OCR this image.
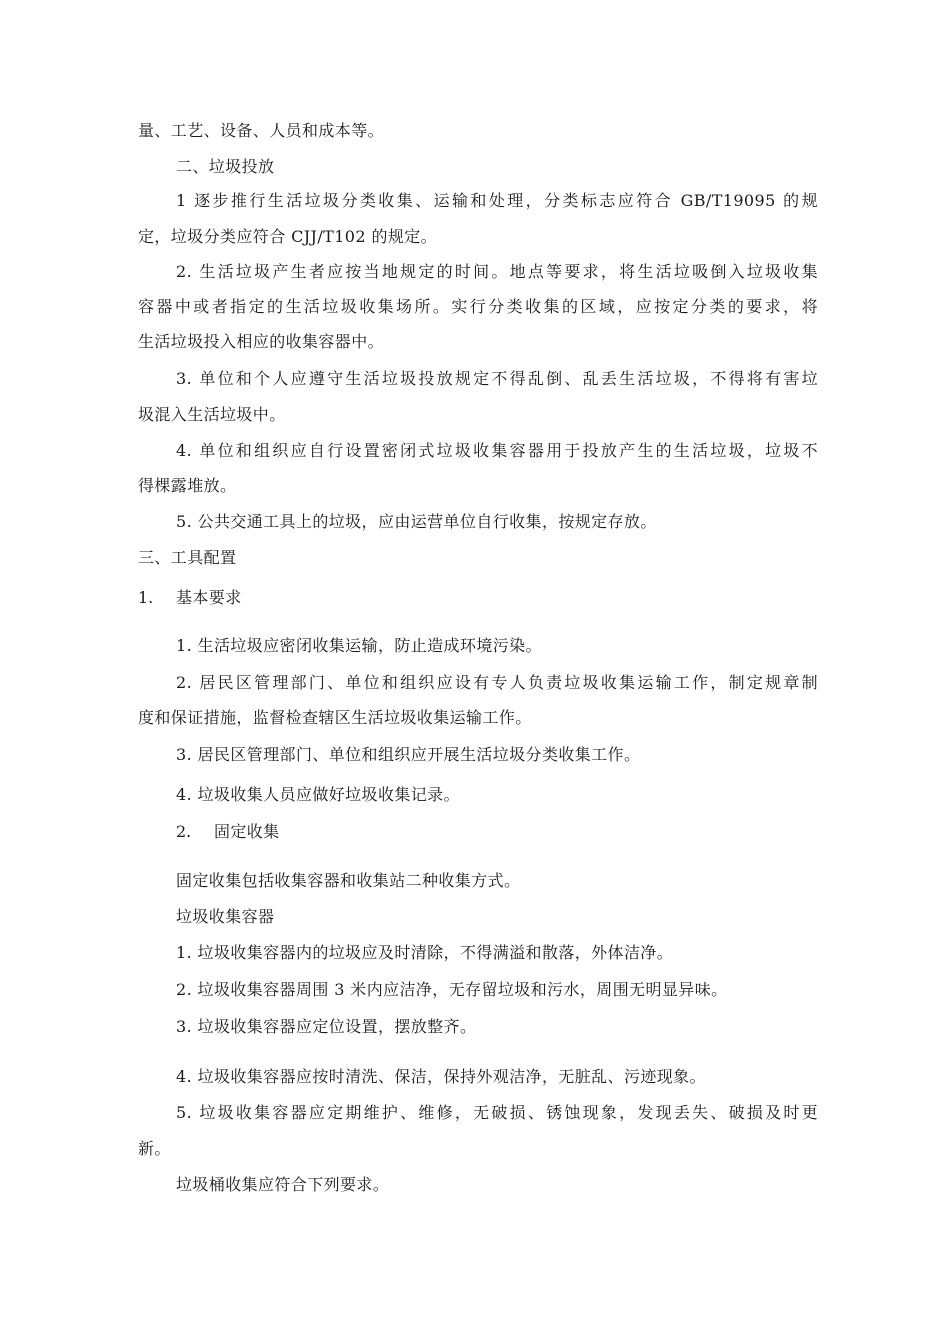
量、工艺、设备、人员和成本等。
二、垃圾投放
1 逐步推行生活垃圾分类收集、运输和处理，分类标志应符合 GB/T19095 的规
定，垃圾分类应符合 CJJ/T102 的规定。
2. 生活垃圾产生者应按当地规定的时间。地点等要求，将生活垃吸倒入垃圾收集
容器中或者指定的生活垃圾收集场所。实行分类收集的区域，应按定分类的要求，将
生活垃圾投入相应的收集容器中。
3. 单位和个人应遵守生活垃圾投放规定不得乱倒、乱丢生活垃圾，不得将有害垃
圾混入生活垃圾中。
4. 单位和组织应自行设置密闭式垃圾收集容器用于投放产生的生活垃圾，垃圾不
得棵露堆放。
5. 公共交通工具上的垃圾，应由运营单位自行收集，按规定存放。
三、工具配置
1. 基本要求
1. 生活垃圾应密闭收集运输，防止造成环境污染。
2. 居民区管理部门、单位和组织应设有专人负责垃圾收集运输工作，制定规章制
度和保证措施，监督检查辖区生活垃圾收集运输工作。
3. 居民区管理部门、单位和组织应开展生活垃圾分类收集工作。
4. 垃圾收集人员应做好垃圾收集记录。
2. 固定收集
固定收集包括收集容器和收集站二种收集方式。
垃圾收集容器
1. 垃圾收集容器内的垃圾应及时清除，不得满溢和散落，外体洁净。
2. 垃圾收集容器周围 3 米内应洁净，无存留垃圾和污水，周围无明显异味。
3. 垃圾收集容器应定位设置，摆放整齐。
4. 垃圾收集容器应按时清洗、保洁，保持外观洁净，无脏乱、污迹现象。
5. 垃圾收集容器应定期维护、维修，无破损、锈蚀现象，发现丢失、破损及时更
新。
垃圾桶收集应符合下列要求。
